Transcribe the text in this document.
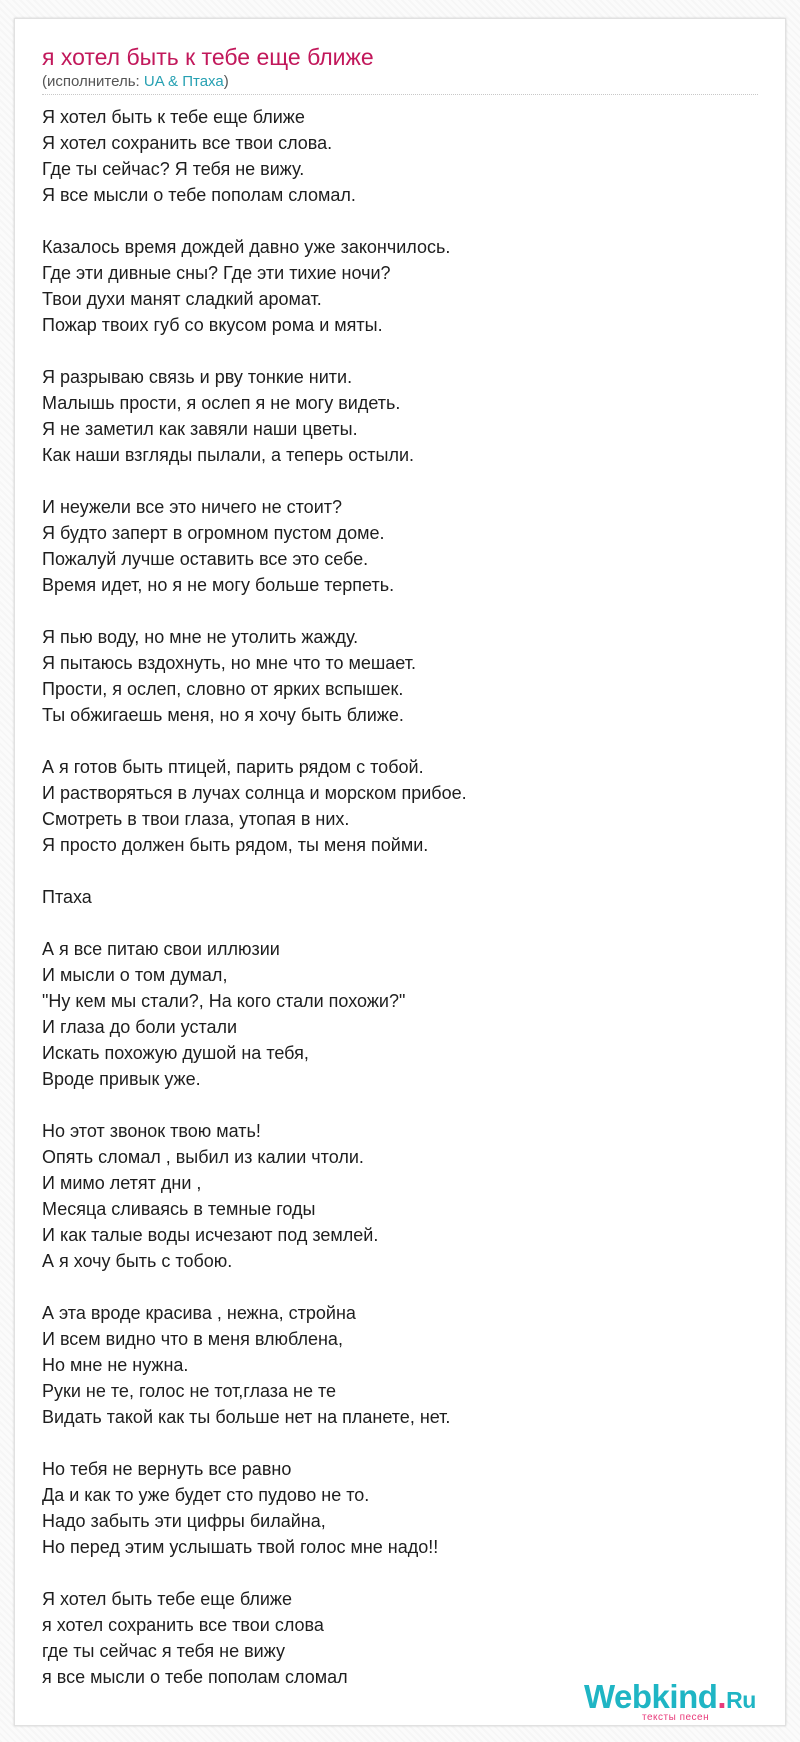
я хотел быть к тебе еще ближе
(исполнитель: UA & Птаха)
Я хотел быть к тебе еще ближе
Я хотел сохранить все твои слова.
Где ты сейчас? Я тебя не вижу.
Я все мысли о тебе пополам сломал.
Казалось время дождей давно уже закончилось.
Где эти дивные сны? Где эти тихие ночи?
Твои духи манят сладкий аромат.
Пожар твоих губ со вкусом рома и мяты.
Я разрываю связь и рву тонкие нити.
Малышь прости, я ослеп я не могу видеть.
Я не заметил как завяли наши цветы.
Как наши взгляды пылали, а теперь остыли.
И неужели все это ничего не стоит?
Я будто заперт в огромном пустом доме.
Пожалуй лучше оставить все это себе.
Время идет, но я не могу больше терпеть.
Я пью воду, но мне не утолить жажду.
Я пытаюсь вздохнуть, но мне что то мешает.
Прости, я ослеп, словно от ярких вспышек.
Ты обжигаешь меня, но я хочу быть ближе.
А я готов быть птицей, парить рядом с тобой.
И растворяться в лучах солнца и морском прибое.
Смотреть в твои глаза, утопая в них.
Я просто должен быть рядом, ты меня пойми.
Птаха
А я все питаю свои иллюзии
И мысли о том думал,
"Ну кем мы стали?, На кого стали похожи?"
И глаза до боли устали
Искать похожую душой на тебя,
Вроде привык уже.
Но этот звонок твою мать!
Опять сломал , выбил из калии чтоли.
И мимо летят дни ,
Месяца сливаясь в темные годы
И как талые воды исчезают под землей.
А я хочу быть с тобою.
А эта вроде красива , нежна, стройна
И всем видно что в меня влюблена,
Но мне не нужна.
Руки не те, голос не тот,глаза не те
Видать такой как ты больше нет на планете, нет.
Но тебя не вернуть все равно
Да и как то уже будет сто пудово не то.
Надо забыть эти цифры билайна,
Но перед этим услышать твой голос мне надо!!
Я хотел быть тебе еще ближе
я хотел сохранить все твои слова
где ты сейчас я тебя не вижу
я все мысли о тебе пополам сломал
Webkind.Ru
тексты песен
